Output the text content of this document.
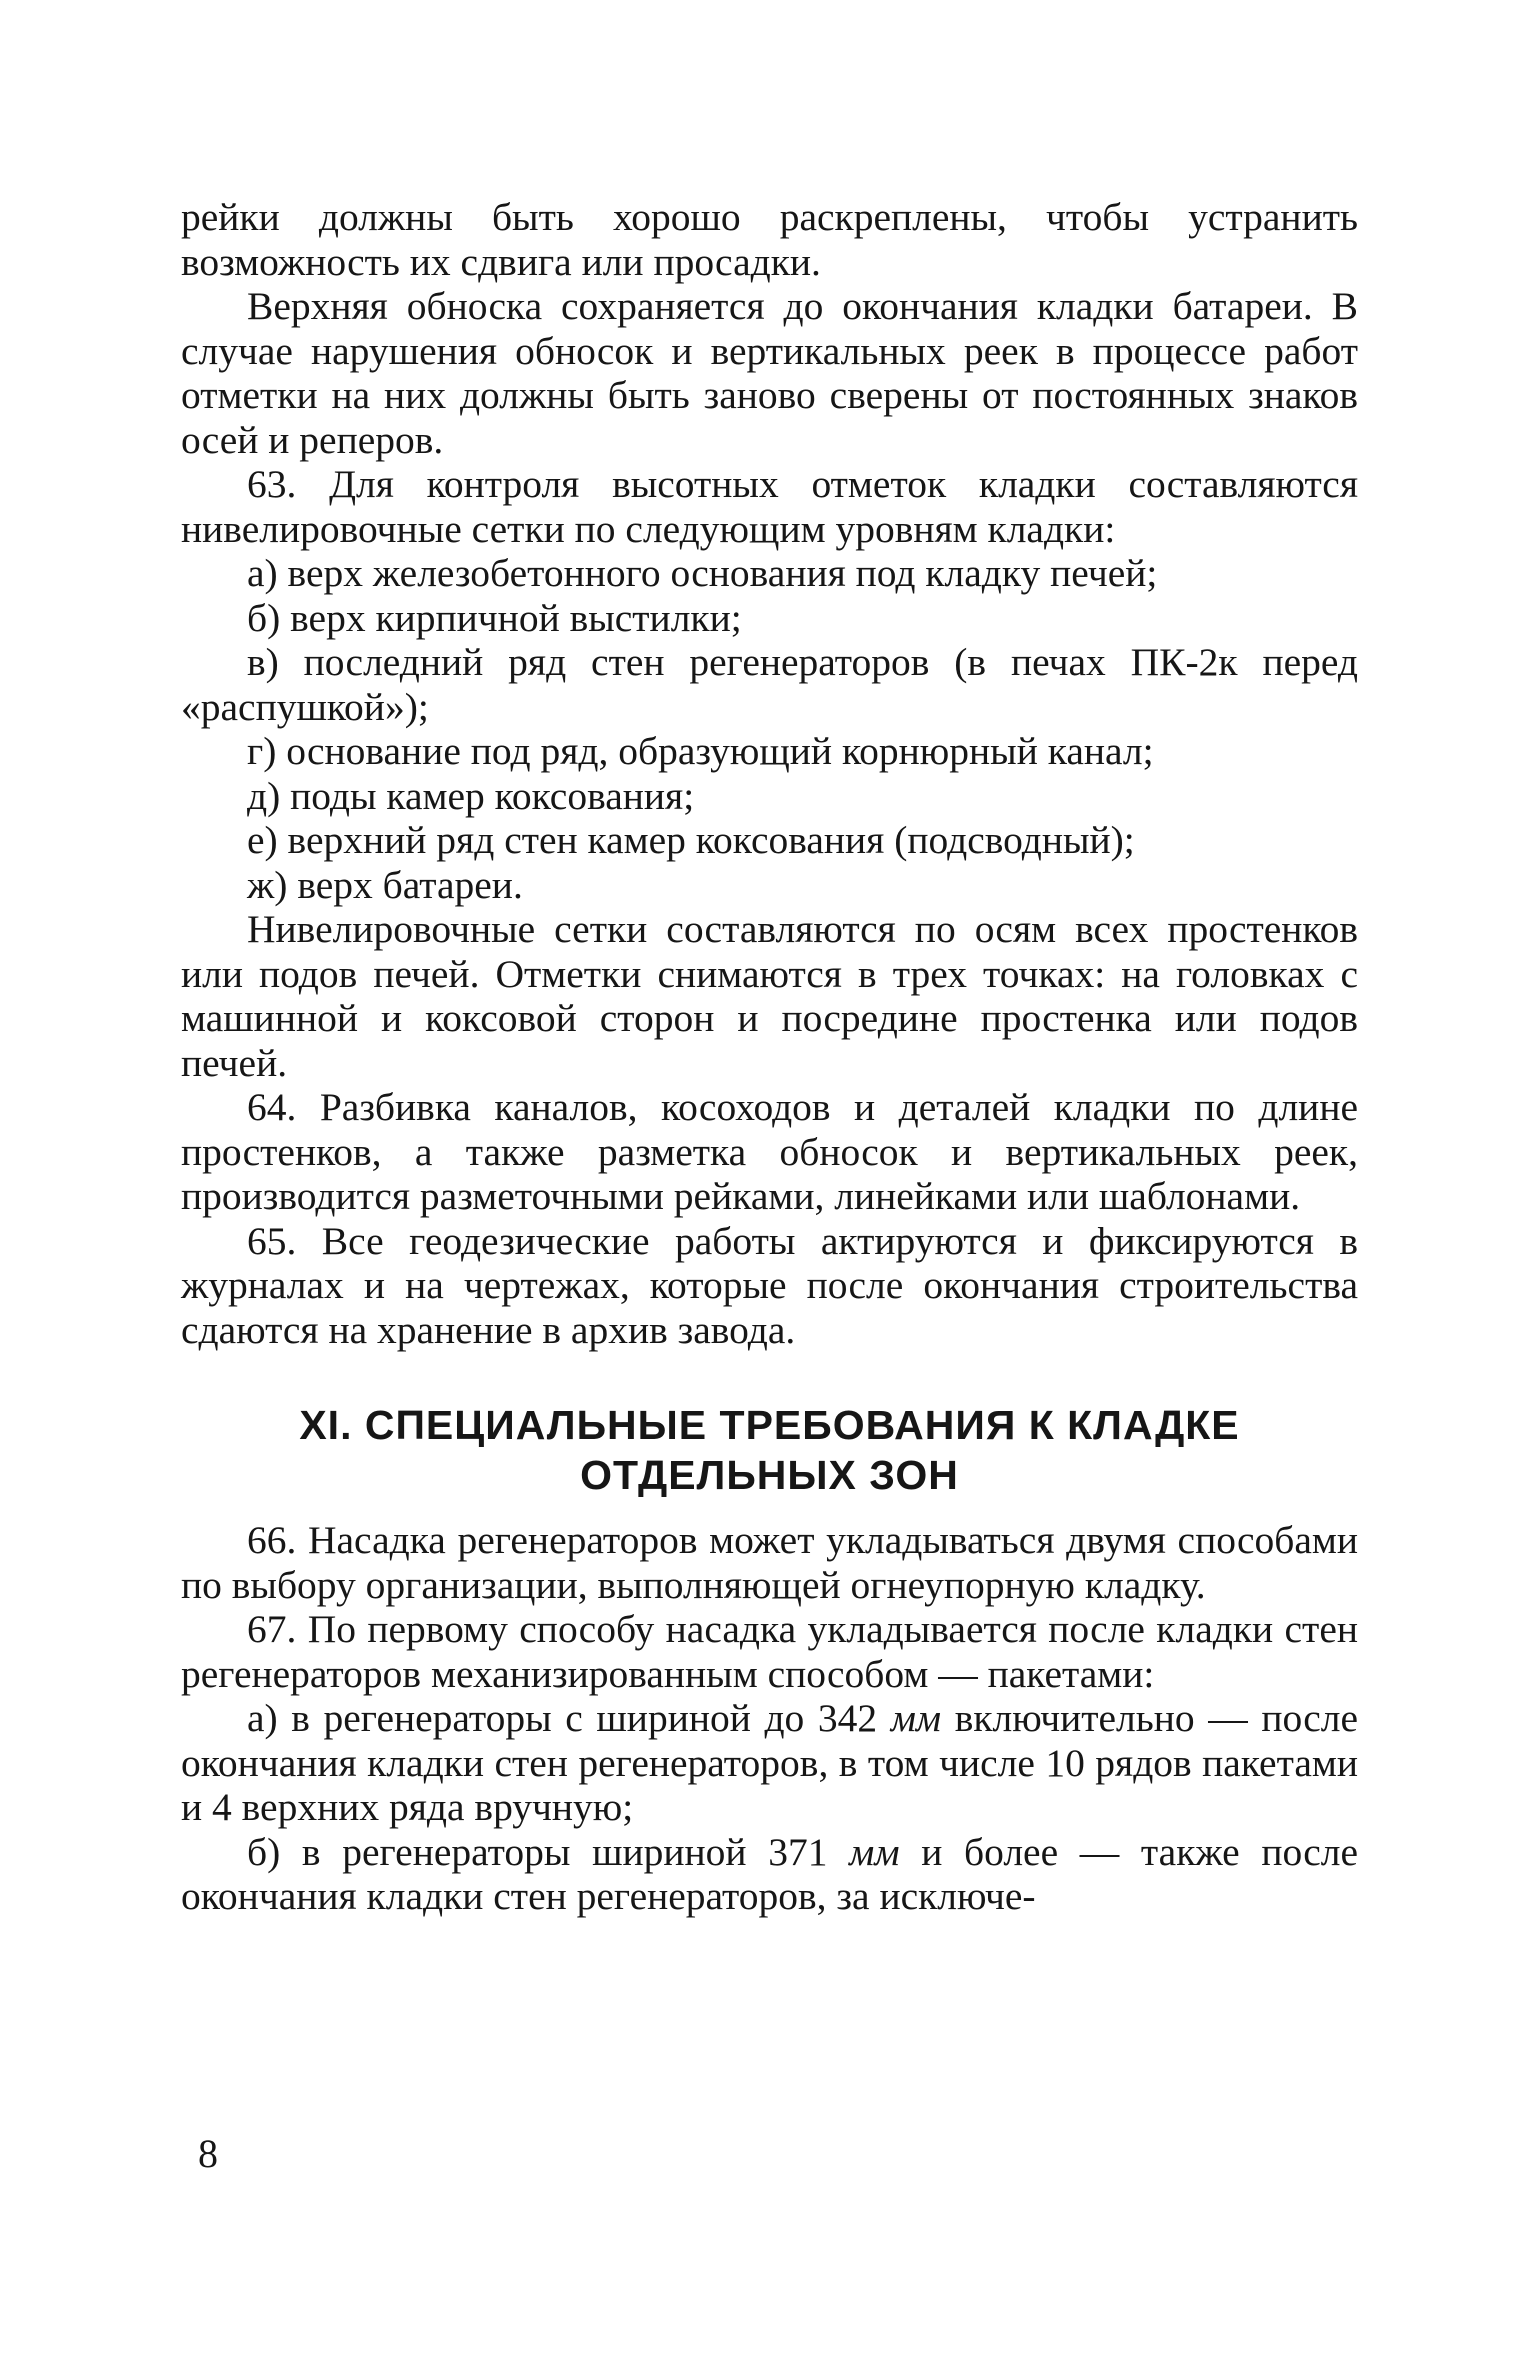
рейки должны быть хорошо раскреплены, чтобы устранить возможность их сдвига или просадки.

Верхняя обноска сохраняется до окончания кладки батареи. В случае нарушения обносок и вертикальных реек в процессе работ отметки на них должны быть заново сверены от постоянных знаков осей и реперов.

63. Для контроля высотных отметок кладки составляются нивелировочные сетки по следующим уровням кладки:

а) верх железобетонного основания под кладку печей;

б) верх кирпичной выстилки;

в) последний ряд стен регенераторов (в печах ПК-2к перед «распушкой»);

г) основание под ряд, образующий корнюрный канал;

д) поды камер коксования;

е) верхний ряд стен камер коксования (подсводный);

ж) верх батареи.

Нивелировочные сетки составляются по осям всех простенков или подов печей. Отметки снимаются в трех точках: на головках с машинной и коксовой сторон и посредине простенка или подов печей.

64. Разбивка каналов, косоходов и деталей кладки по длине простенков, а также разметка обносок и вертикальных реек, производится разметочными рейками, линейками или шаблонами.

65. Все геодезические работы актируются и фиксируются в журналах и на чертежах, которые после окончания строительства сдаются на хранение в архив завода.

XI. СПЕЦИАЛЬНЫЕ ТРЕБОВАНИЯ К КЛАДКЕ
ОТДЕЛЬНЫХ ЗОН

66. Насадка регенераторов может укладываться двумя способами по выбору организации, выполняющей огнеупорную кладку.

67. По первому способу насадка укладывается после кладки стен регенераторов механизированным способом — пакетами:

а) в регенераторы с шириной до 342 мм включительно — после окончания кладки стен регенераторов, в том числе 10 рядов пакетами и 4 верхних ряда вручную;

б) в регенераторы шириной 371 мм и более — также после окончания кладки стен регенераторов, за исключе-

8
